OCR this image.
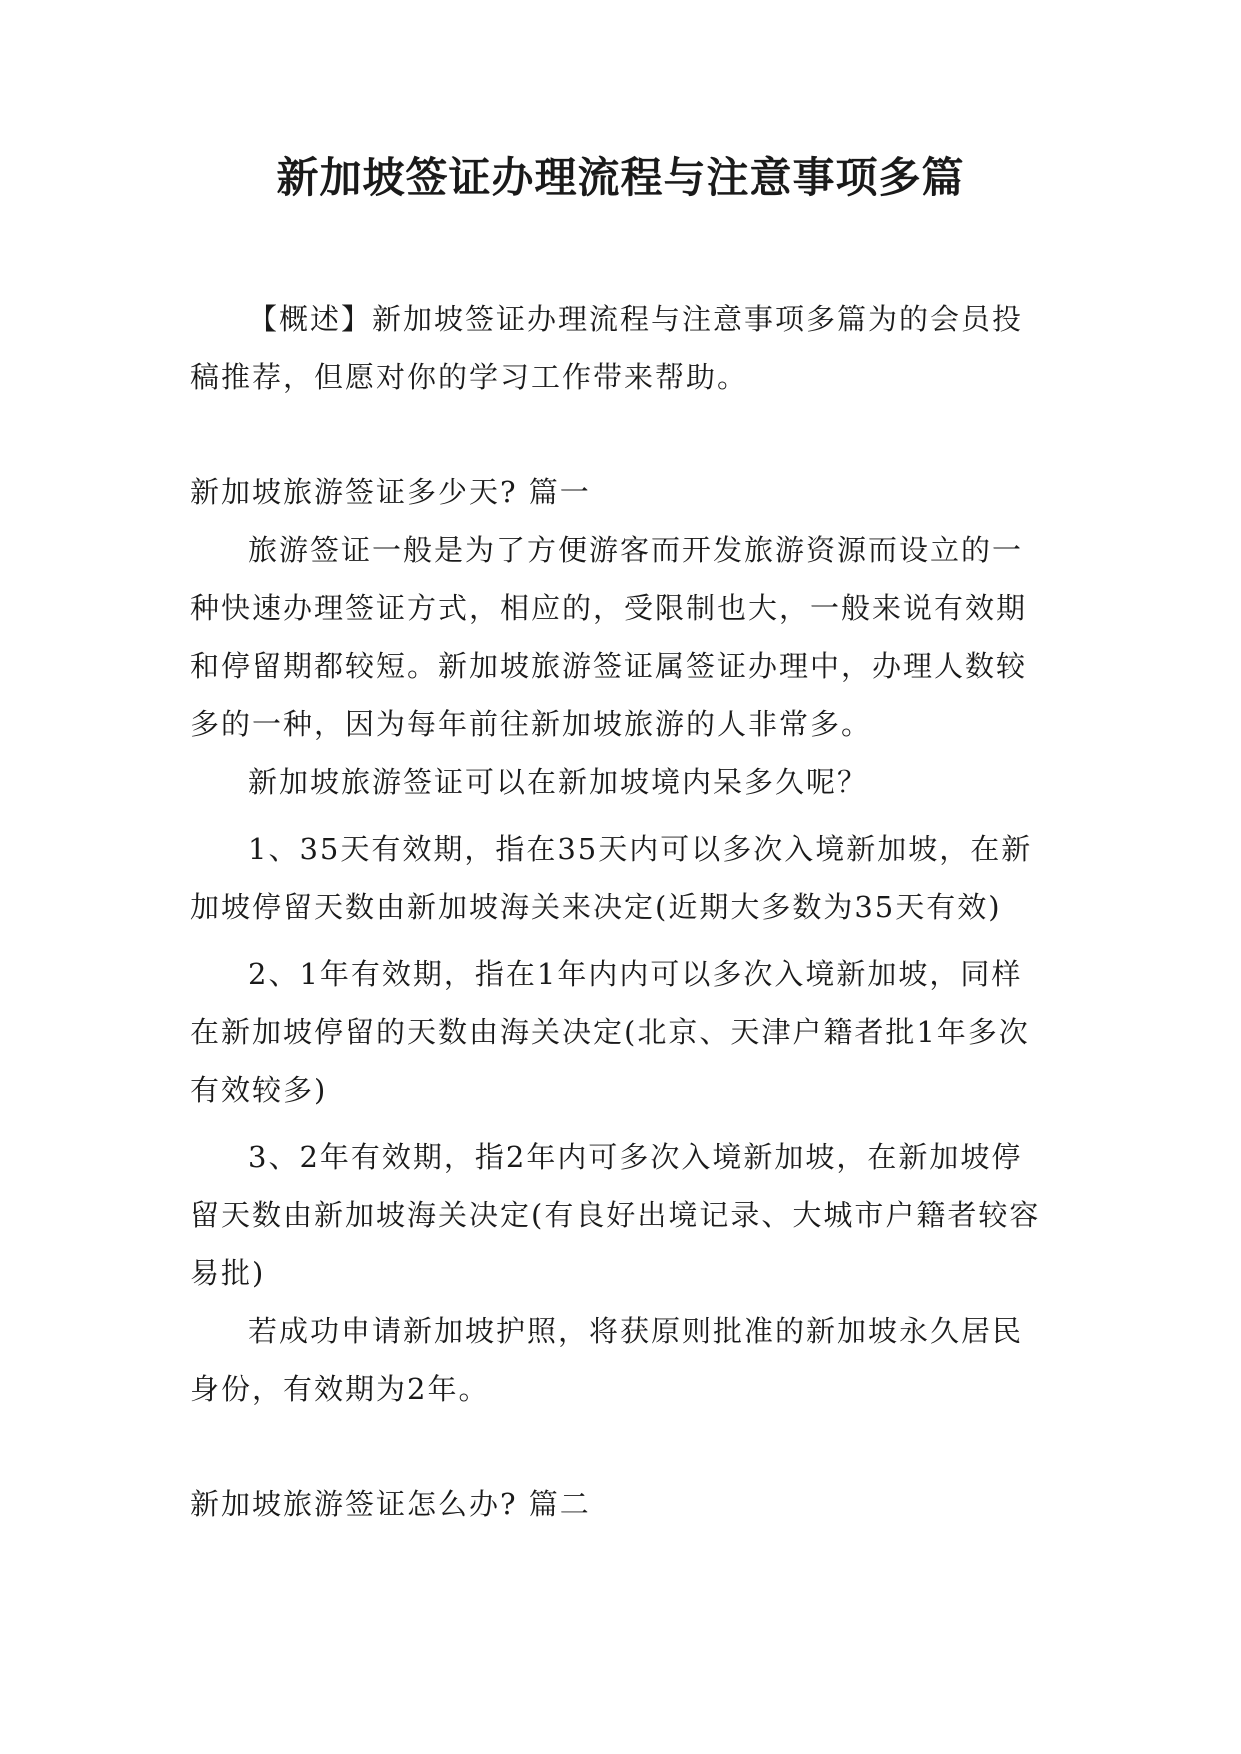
新加坡签证办理流程与注意事项多篇

【概述】新加坡签证办理流程与注意事项多篇为的会员投稿推荐，但愿对你的学习工作带来帮助。

新加坡旅游签证多少天? 篇一

旅游签证一般是为了方便游客而开发旅游资源而设立的一种快速办理签证方式，相应的，受限制也大，一般来说有效期和停留期都较短。新加坡旅游签证属签证办理中，办理人数较多的一种，因为每年前往新加坡旅游的人非常多。

新加坡旅游签证可以在新加坡境内呆多久呢？

1、35天有效期，指在35天内可以多次入境新加坡，在新加坡停留天数由新加坡海关来决定(近期大多数为35天有效)

2、1年有效期，指在1年内内可以多次入境新加坡，同样在新加坡停留的天数由海关决定(北京、天津户籍者批1年多次有效较多)

3、2年有效期，指2年内可多次入境新加坡，在新加坡停留天数由新加坡海关决定(有良好出境记录、大城市户籍者较容易批)

若成功申请新加坡护照，将获原则批准的新加坡永久居民身份，有效期为2年。

新加坡旅游签证怎么办? 篇二
